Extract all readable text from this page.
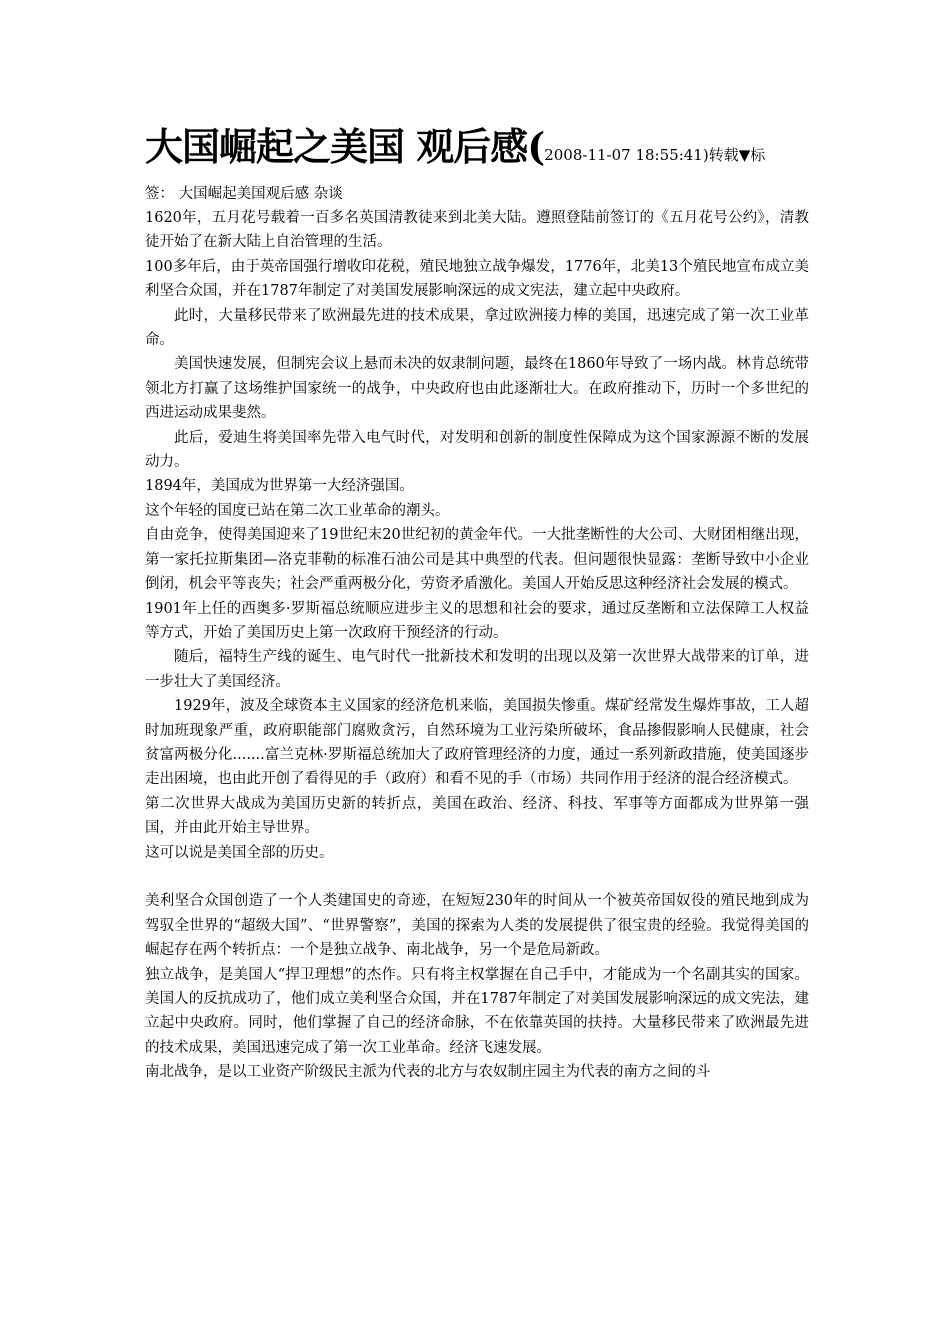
大国崛起之美国 观后感(2008-11-07 18:55:41)转载▼标

签： 大国崛起美国观后感 杂谈

1620年，五月花号载着一百多名英国清教徒来到北美大陆。遵照登陆前签订的《五月花号公约》，清教徒开始了在新大陆上自治管理的生活。

100多年后，由于英帝国强行增收印花税，殖民地独立战争爆发，1776年，北美13个殖民地宣布成立美利坚合众国，并在1787年制定了对美国发展影响深远的成文宪法，建立起中央政府。

此时，大量移民带来了欧洲最先进的技术成果，拿过欧洲接力棒的美国，迅速完成了第一次工业革命。

美国快速发展，但制宪会议上悬而未决的奴隶制问题，最终在1860年导致了一场内战。林肯总统带领北方打赢了这场维护国家统一的战争，中央政府也由此逐渐壮大。在政府推动下，历时一个多世纪的西进运动成果斐然。

此后，爱迪生将美国率先带入电气时代，对发明和创新的制度性保障成为这个国家源源不断的发展动力。

1894年，美国成为世界第一大经济强国。

这个年轻的国度已站在第二次工业革命的潮头。

自由竞争，使得美国迎来了19世纪末20世纪初的黄金年代。一大批垄断性的大公司、大财团相继出现，第一家托拉斯集团—洛克菲勒的标准石油公司是其中典型的代表。但问题很快显露：垄断导致中小企业倒闭，机会平等丧失；社会严重两极分化，劳资矛盾激化。美国人开始反思这种经济社会发展的模式。

1901年上任的西奥多·罗斯福总统顺应进步主义的思想和社会的要求，通过反垄断和立法保障工人权益等方式，开始了美国历史上第一次政府干预经济的行动。

随后，福特生产线的诞生、电气时代一批新技术和发明的出现以及第一次世界大战带来的订单，进一步壮大了美国经济。

1929年，波及全球资本主义国家的经济危机来临，美国损失惨重。煤矿经常发生爆炸事故，工人超时加班现象严重，政府职能部门腐败贪污，自然环境为工业污染所破坏，食品掺假影响人民健康，社会贫富两极分化.......富兰克林·罗斯福总统加大了政府管理经济的力度，通过一系列新政措施，使美国逐步走出困境，也由此开创了看得见的手（政府）和看不见的手（市场）共同作用于经济的混合经济模式。

第二次世界大战成为美国历史新的转折点，美国在政治、经济、科技、军事等方面都成为世界第一强国，并由此开始主导世界。

这可以说是美国全部的历史。

美利坚合众国创造了一个人类建国史的奇迹，在短短230年的时间从一个被英帝国奴役的殖民地到成为驾驭全世界的“超级大国”、“世界警察”，美国的探索为人类的发展提供了很宝贵的经验。我觉得美国的崛起存在两个转折点：一个是独立战争、南北战争，另一个是危局新政。

独立战争，是美国人“捍卫理想”的杰作。只有将主权掌握在自己手中，才能成为一个名副其实的国家。美国人的反抗成功了，他们成立美利坚合众国，并在1787年制定了对美国发展影响深远的成文宪法，建立起中央政府。同时，他们掌握了自己的经济命脉，不在依靠英国的扶持。大量移民带来了欧洲最先进的技术成果，美国迅速完成了第一次工业革命。经济飞速发展。

南北战争，是以工业资产阶级民主派为代表的北方与农奴制庄园主为代表的南方之间的斗
